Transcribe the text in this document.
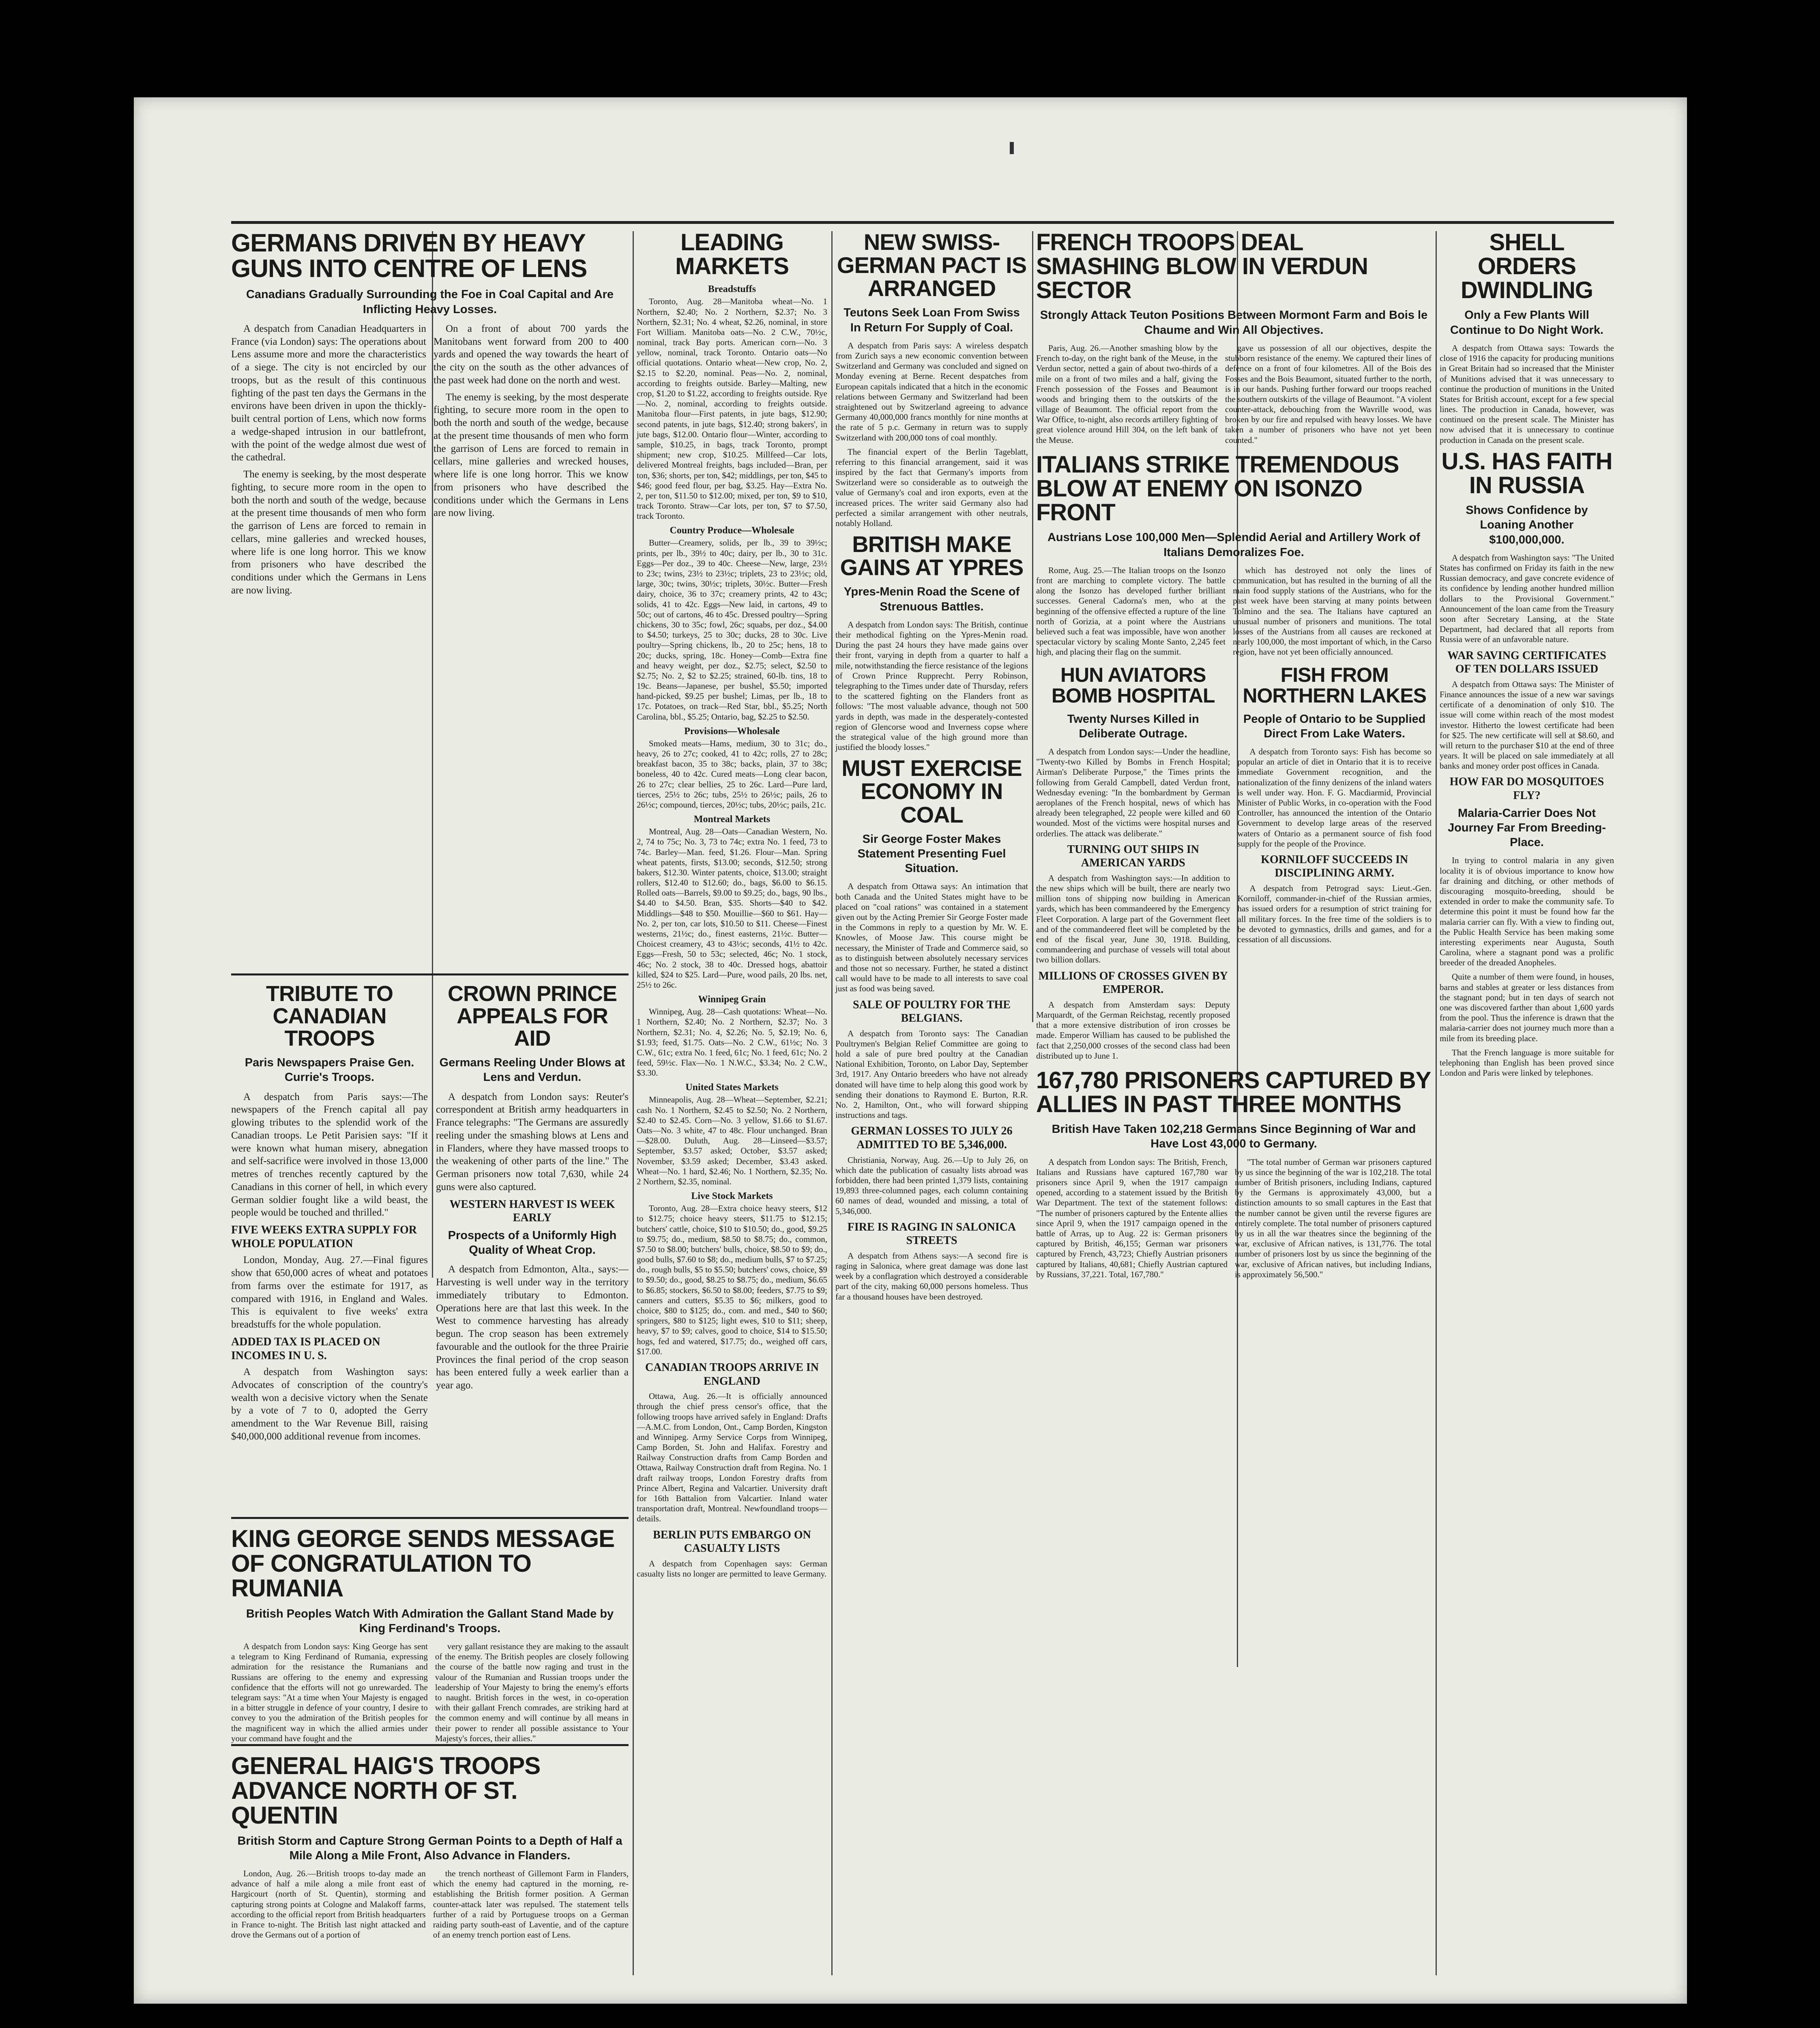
GERMANS DRIVEN BY HEAVY GUNS INTO CENTRE OF LENS
Canadians Gradually Surrounding the Foe in Coal Capital and Are Inflicting Heavy Losses.

A despatch from Canadian Headquarters in France (via London) says: The operations about Lens assume more and more the characteristics of a siege. The city is not encircled by our troops, but as the result of this continuous fighting of the past ten days the Germans in the environs have been driven in upon the thickly-built central portion of Lens, which now forms a wedge-shaped intrusion in our battlefront, with the point of the wedge almost due west of the cathedral.

The enemy is seeking, by the most desperate fighting, to secure more room in the open to both the north and south of the wedge, because at the present time thousands of men who form the garrison of Lens are forced to remain in cellars, mine galleries and wrecked houses, where life is one long horror. This we know from prisoners who have described the conditions under which the Germans in Lens are now living.

On a front of about 700 yards the Manitobans went forward from 200 to 400 yards and opened the way towards the heart of the city on the south as the other advances of the past week had done on the north and west.

The enemy is seeking, by the most desperate fighting, to secure more room in the open to both the north and south of the wedge, because at the present time thousands of men who form the garrison of Lens are forced to remain in cellars, mine galleries and wrecked houses, where life is one long horror. This we know from prisoners who have described the conditions under which the Germans in Lens are now living.

TRIBUTE TO CANADIAN TROOPS
Paris Newspapers Praise Gen. Currie's Troops.

A despatch from Paris says:—The newspapers of the French capital all pay glowing tributes to the splendid work of the Canadian troops. Le Petit Parisien says: "If it were known what human misery, abnegation and self-sacrifice were involved in those 13,000 metres of trenches recently captured by the Canadians in this corner of hell, in which every German soldier fought like a wild beast, the people would be touched and thrilled."

FIVE WEEKS EXTRA SUPPLY FOR WHOLE POPULATION

London, Monday, Aug. 27.—Final figures show that 650,000 acres of wheat and potatoes from farms over the estimate for 1917, as compared with 1916, in England and Wales. This is equivalent to five weeks' extra breadstuffs for the whole population.

ADDED TAX IS PLACED ON INCOMES IN U. S.

A despatch from Washington says: Advocates of conscription of the country's wealth won a decisive victory when the Senate by a vote of 7 to 0, adopted the Gerry amendment to the War Revenue Bill, raising $40,000,000 additional revenue from incomes.

CROWN PRINCE APPEALS FOR AID
Germans Reeling Under Blows at Lens and Verdun.

A despatch from London says: Reuter's correspondent at British army headquarters in France telegraphs: "The Germans are assuredly reeling under the smashing blows at Lens and in Flanders, where they have massed troops to the weakening of other parts of the line." The German prisoners now total 7,630, while 24 guns were also captured.

WESTERN HARVEST IS WEEK EARLY
Prospects of a Uniformly High Quality of Wheat Crop.

A despatch from Edmonton, Alta., says:—Harvesting is well under way in the territory immediately tributary to Edmonton. Operations here are that last this week. In the West to commence harvesting has already begun. The crop season has been extremely favourable and the outlook for the three Prairie Provinces the final period of the crop season has been entered fully a week earlier than a year ago.

KING GEORGE SENDS MESSAGE OF CONGRATULATION TO RUMANIA
British Peoples Watch With Admiration the Gallant Stand Made by King Ferdinand's Troops.

A despatch from London says: King George has sent a telegram to King Ferdinand of Rumania, expressing admiration for the resistance the Rumanians and Russians are offering to the enemy and expressing confidence that the efforts will not go unrewarded. The telegram says: "At a time when Your Majesty is engaged in a bitter struggle in defence of your country, I desire to convey to you the admiration of the British peoples for the magnificent way in which the allied armies under your command have fought and the

very gallant resistance they are making to the assault of the enemy. The British peoples are closely following the course of the battle now raging and trust in the valour of the Rumanian and Russian troops under the leadership of Your Majesty to bring the enemy's efforts to naught. British forces in the west, in co-operation with their gallant French comrades, are striking hard at the common enemy and will continue by all means in their power to render all possible assistance to Your Majesty's forces, their allies."

GENERAL HAIG'S TROOPS ADVANCE NORTH OF ST. QUENTIN
British Storm and Capture Strong German Points to a Depth of Half a Mile Along a Mile Front, Also Advance in Flanders.

London, Aug. 26.—British troops to-day made an advance of half a mile along a mile front east of Hargicourt (north of St. Quentin), storming and capturing strong points at Cologne and Malakoff farms, according to the official report from British headquarters in France to-night. The British last night attacked and drove the Germans out of a portion of

the trench northeast of Gillemont Farm in Flanders, which the enemy had captured in the morning, re-establishing the British former position. A German counter-attack later was repulsed. The statement tells further of a raid by Portuguese troops on a German raiding party south-east of Laventie, and of the capture of an enemy trench portion east of Lens.

LEADING MARKETS
Breadstuffs

Toronto, Aug. 28—Manitoba wheat—No. 1 Northern, $2.40; No. 2 Northern, $2.37; No. 3 Northern, $2.31; No. 4 wheat, $2.26, nominal, in store Fort William. Manitoba oats—No. 2 C.W., 70½c, nominal, track Bay ports. American corn—No. 3 yellow, nominal, track Toronto. Ontario oats—No official quotations. Ontario wheat—New crop, No. 2, $2.15 to $2.20, nominal. Peas—No. 2, nominal, according to freights outside. Barley—Malting, new crop, $1.20 to $1.22, according to freights outside. Rye—No. 2, nominal, according to freights outside. Manitoba flour—First patents, in jute bags, $12.90; second patents, in jute bags, $12.40; strong bakers', in jute bags, $12.00. Ontario flour—Winter, according to sample, $10.25, in bags, track Toronto, prompt shipment; new crop, $10.25. Millfeed—Car lots, delivered Montreal freights, bags included—Bran, per ton, $36; shorts, per ton, $42; middlings, per ton, $45 to $46; good feed flour, per bag, $3.25. Hay—Extra No. 2, per ton, $11.50 to $12.00; mixed, per ton, $9 to $10, track Toronto. Straw—Car lots, per ton, $7 to $7.50, track Toronto.

Country Produce—Wholesale

Butter—Creamery, solids, per lb., 39 to 39½c; prints, per lb., 39½ to 40c; dairy, per lb., 30 to 31c. Eggs—Per doz., 39 to 40c. Cheese—New, large, 23½ to 23c; twins, 23½ to 23½c; triplets, 23 to 23½c; old, large, 30c; twins, 30½c; triplets, 30½c. Butter—Fresh dairy, choice, 36 to 37c; creamery prints, 42 to 43c; solids, 41 to 42c. Eggs—New laid, in cartons, 49 to 50c; out of cartons, 46 to 45c. Dressed poultry—Spring chickens, 30 to 35c; fowl, 26c; squabs, per doz., $4.00 to $4.50; turkeys, 25 to 30c; ducks, 28 to 30c. Live poultry—Spring chickens, lb., 20 to 25c; hens, 18 to 20c; ducks, spring, 18c. Honey—Comb—Extra fine and heavy weight, per doz., $2.75; select, $2.50 to $2.75; No. 2, $2 to $2.25; strained, 60-lb. tins, 18 to 19c. Beans—Japanese, per bushel, $5.50; imported hand-picked, $9.25 per bushel; Limas, per lb., 18 to 17c. Potatoes, on track—Red Star, bbl., $5.25; North Carolina, bbl., $5.25; Ontario, bag, $2.25 to $2.50.

Provisions—Wholesale

Smoked meats—Hams, medium, 30 to 31c; do., heavy, 26 to 27c; cooked, 41 to 42c; rolls, 27 to 28c; breakfast bacon, 35 to 38c; backs, plain, 37 to 38c; boneless, 40 to 42c. Cured meats—Long clear bacon, 26 to 27c; clear bellies, 25 to 26c. Lard—Pure lard, tierces, 25½ to 26c; tubs, 25½ to 26½c; pails, 26 to 26½c; compound, tierces, 20½c; tubs, 20½c; pails, 21c.

Montreal Markets

Montreal, Aug. 28—Oats—Canadian Western, No. 2, 74 to 75c; No. 3, 73 to 74c; extra No. 1 feed, 73 to 74c. Barley—Man. feed, $1.26. Flour—Man. Spring wheat patents, firsts, $13.00; seconds, $12.50; strong bakers, $12.30. Winter patents, choice, $13.00; straight rollers, $12.40 to $12.60; do., bags, $6.00 to $6.15. Rolled oats—Barrels, $9.00 to $9.25; do., bags, 90 lbs., $4.40 to $4.50. Bran, $35. Shorts—$40 to $42. Middlings—$48 to $50. Mouillie—$60 to $61. Hay—No. 2, per ton, car lots, $10.50 to $11. Cheese—Finest westerns, 21½c; do., finest easterns, 21½c. Butter—Choicest creamery, 43 to 43½c; seconds, 41½ to 42c. Eggs—Fresh, 50 to 53c; selected, 46c; No. 1 stock, 46c; No. 2 stock, 38 to 40c. Dressed hogs, abattoir killed, $24 to $25. Lard—Pure, wood pails, 20 lbs. net, 25½ to 26c.

Winnipeg Grain

Winnipeg, Aug. 28—Cash quotations: Wheat—No. 1 Northern, $2.40; No. 2 Northern, $2.37; No. 3 Northern, $2.31; No. 4, $2.26; No. 5, $2.19; No. 6, $1.93; feed, $1.75. Oats—No. 2 C.W., 61½c; No. 3 C.W., 61c; extra No. 1 feed, 61c; No. 1 feed, 61c; No. 2 feed, 59½c. Flax—No. 1 N.W.C., $3.34; No. 2 C.W., $3.30.

United States Markets

Minneapolis, Aug. 28—Wheat—September, $2.21; cash No. 1 Northern, $2.45 to $2.50; No. 2 Northern, $2.40 to $2.45. Corn—No. 3 yellow, $1.66 to $1.67. Oats—No. 3 white, 47 to 48c. Flour unchanged. Bran—$28.00. Duluth, Aug. 28—Linseed—$3.57; September, $3.57 asked; October, $3.57 asked; November, $3.59 asked; December, $3.43 asked. Wheat—No. 1 hard, $2.46; No. 1 Northern, $2.35; No. 2 Northern, $2.35, nominal.

Live Stock Markets

Toronto, Aug. 28—Extra choice heavy steers, $12 to $12.75; choice heavy steers, $11.75 to $12.15; butchers' cattle, choice, $10 to $10.50; do., good, $9.25 to $9.75; do., medium, $8.50 to $8.75; do., common, $7.50 to $8.00; butchers' bulls, choice, $8.50 to $9; do., good bulls, $7.60 to $8; do., medium bulls, $7 to $7.25; do., rough bulls, $5 to $5.50; butchers' cows, choice, $9 to $9.50; do., good, $8.25 to $8.75; do., medium, $6.65 to $6.85; stockers, $6.50 to $8.00; feeders, $7.75 to $9; canners and cutters, $5.35 to $6; milkers, good to choice, $80 to $125; do., com. and med., $40 to $60; springers, $80 to $125; light ewes, $10 to $11; sheep, heavy, $7 to $9; calves, good to choice, $14 to $15.50; hogs, fed and watered, $17.75; do., weighed off cars, $17.00.

CANADIAN TROOPS ARRIVE IN ENGLAND

Ottawa, Aug. 26.—It is officially announced through the chief press censor's office, that the following troops have arrived safely in England: Drafts—A.M.C. from London, Ont., Camp Borden, Kingston and Winnipeg. Army Service Corps from Winnipeg, Camp Borden, St. John and Halifax. Forestry and Railway Construction drafts from Camp Borden and Ottawa, Railway Construction draft from Regina. No. 1 draft railway troops, London Forestry drafts from Prince Albert, Regina and Valcartier. University draft for 16th Battalion from Valcartier. Inland water transportation draft, Montreal. Newfoundland troops—details.

BERLIN PUTS EMBARGO ON CASUALTY LISTS

A despatch from Copenhagen says: German casualty lists no longer are permitted to leave Germany.

NEW SWISS-GERMAN PACT IS ARRANGED
Teutons Seek Loan From Swiss In Return For Supply of Coal.

A despatch from Paris says: A wireless despatch from Zurich says a new economic convention between Switzerland and Germany was concluded and signed on Monday evening at Berne. Recent despatches from European capitals indicated that a hitch in the economic relations between Germany and Switzerland had been straightened out by Switzerland agreeing to advance Germany 40,000,000 francs monthly for nine months at the rate of 5 p.c. Germany in return was to supply Switzerland with 200,000 tons of coal monthly.

The financial expert of the Berlin Tageblatt, referring to this financial arrangement, said it was inspired by the fact that Germany's imports from Switzerland were so considerable as to outweigh the value of Germany's coal and iron exports, even at the increased prices. The writer said Germany also had perfected a similar arrangement with other neutrals, notably Holland.

BRITISH MAKE GAINS AT YPRES
Ypres-Menin Road the Scene of Strenuous Battles.

A despatch from London says: The British, continue their methodical fighting on the Ypres-Menin road. During the past 24 hours they have made gains over their front, varying in depth from a quarter to half a mile, notwithstanding the fierce resistance of the legions of Crown Prince Rupprecht. Perry Robinson, telegraphing to the Times under date of Thursday, refers to the scattered fighting on the Flanders front as follows: "The most valuable advance, though not 500 yards in depth, was made in the desperately-contested region of Glencorse wood and Inverness copse where the strategical value of the high ground more than justified the bloody losses."

MUST EXERCISE ECONOMY IN COAL
Sir George Foster Makes Statement Presenting Fuel Situation.

A despatch from Ottawa says: An intimation that both Canada and the United States might have to be placed on "coal rations" was contained in a statement given out by the Acting Premier Sir George Foster made in the Commons in reply to a question by Mr. W. E. Knowles, of Moose Jaw. This course might be necessary, the Minister of Trade and Commerce said, so as to distinguish between absolutely necessary services and those not so necessary. Further, he stated a distinct call would have to be made to all interests to save coal just as food was being saved.

SALE OF POULTRY FOR THE BELGIANS.

A despatch from Toronto says: The Canadian Poultrymen's Belgian Relief Committee are going to hold a sale of pure bred poultry at the Canadian National Exhibition, Toronto, on Labor Day, September 3rd, 1917. Any Ontario breeders who have not already donated will have time to help along this good work by sending their donations to Raymond E. Burton, R.R. No. 2, Hamilton, Ont., who will forward shipping instructions and tags.

GERMAN LOSSES TO JULY 26 ADMITTED TO BE 5,346,000.

Christiania, Norway, Aug. 26.—Up to July 26, on which date the publication of casualty lists abroad was forbidden, there had been printed 1,379 lists, containing 19,893 three-columned pages, each column containing 60 names of dead, wounded and missing, a total of 5,346,000.

FIRE IS RAGING IN SALONICA STREETS

A despatch from Athens says:—A second fire is raging in Salonica, where great damage was done last week by a conflagration which destroyed a considerable part of the city, making 60,000 persons homeless. Thus far a thousand houses have been destroyed.

FRENCH TROOPS DEAL SMASHING BLOW IN VERDUN SECTOR
Strongly Attack Teuton Positions Between Mormont Farm and Bois le Chaume and Win All Objectives.

Paris, Aug. 26.—Another smashing blow by the French to-day, on the right bank of the Meuse, in the Verdun sector, netted a gain of about two-thirds of a mile on a front of two miles and a half, giving the French possession of the Fosses and Beaumont woods and bringing them to the outskirts of the village of Beaumont. The official report from the War Office, to-night, also records artillery fighting of great violence around Hill 304, on the left bank of the Meuse.

gave us possession of all our objectives, despite the stubborn resistance of the enemy. We captured their lines of defence on a front of four kilometres. All of the Bois des Fosses and the Bois Beaumont, situated further to the north, is in our hands. Pushing further forward our troops reached the southern outskirts of the village of Beaumont. "A violent counter-attack, debouching from the Wavrille wood, was broken by our fire and repulsed with heavy losses. We have taken a number of prisoners who have not yet been counted."

ITALIANS STRIKE TREMENDOUS BLOW AT ENEMY ON ISONZO FRONT
Austrians Lose 100,000 Men—Splendid Aerial and Artillery Work of Italians Demoralizes Foe.

Rome, Aug. 25.—The Italian troops on the Isonzo front are marching to complete victory. The battle along the Isonzo has developed further brilliant successes. General Cadorna's men, who at the beginning of the offensive effected a rupture of the line north of Gorizia, at a point where the Austrians believed such a feat was impossible, have won another spectacular victory by scaling Monte Santo, 2,245 feet high, and placing their flag on the summit.

which has destroyed not only the lines of communication, but has resulted in the burning of all the main food supply stations of the Austrians, who for the past week have been starving at many points between Tolmino and the sea. The Italians have captured an unusual number of prisoners and munitions. The total losses of the Austrians from all causes are reckoned at nearly 100,000, the most important of which, in the Carso region, have not yet been officially announced.

HUN AVIATORS BOMB HOSPITAL
Twenty Nurses Killed in Deliberate Outrage.

A despatch from London says:—Under the headline, "Twenty-two Killed by Bombs in French Hospital; Airman's Deliberate Purpose," the Times prints the following from Gerald Campbell, dated Verdun front, Wednesday evening: "In the bombardment by German aeroplanes of the French hospital, news of which has already been telegraphed, 22 people were killed and 60 wounded. Most of the victims were hospital nurses and orderlies. The attack was deliberate."

TURNING OUT SHIPS IN AMERICAN YARDS

A despatch from Washington says:—In addition to the new ships which will be built, there are nearly two million tons of shipping now building in American yards, which has been commandeered by the Emergency Fleet Corporation. A large part of the Government fleet and of the commandeered fleet will be completed by the end of the fiscal year, June 30, 1918. Building, commandeering and purchase of vessels will total about two billion dollars.

MILLIONS OF CROSSES GIVEN BY EMPEROR.

A despatch from Amsterdam says: Deputy Marquardt, of the German Reichstag, recently proposed that a more extensive distribution of iron crosses be made. Emperor William has caused to be published the fact that 2,250,000 crosses of the second class had been distributed up to June 1.

FISH FROM NORTHERN LAKES
People of Ontario to be Supplied Direct From Lake Waters.

A despatch from Toronto says: Fish has become so popular an article of diet in Ontario that it is to receive immediate Government recognition, and the nationalization of the finny denizens of the inland waters is well under way. Hon. F. G. Macdiarmid, Provincial Minister of Public Works, in co-operation with the Food Controller, has announced the intention of the Ontario Government to develop large areas of the reserved waters of Ontario as a permanent source of fish food supply for the people of the Province.

KORNILOFF SUCCEEDS IN DISCIPLINING ARMY.

A despatch from Petrograd says: Lieut.-Gen. Korniloff, commander-in-chief of the Russian armies, has issued orders for a resumption of strict training for all military forces. In the free time of the soldiers is to be devoted to gymnastics, drills and games, and for a cessation of all discussions.

167,780 PRISONERS CAPTURED BY ALLIES IN PAST THREE MONTHS
British Have Taken 102,218 Germans Since Beginning of War and Have Lost 43,000 to Germany.

A despatch from London says: The British, French, Italians and Russians have captured 167,780 war prisoners since April 9, when the 1917 campaign opened, according to a statement issued by the British War Department. The text of the statement follows: "The number of prisoners captured by the Entente allies since April 9, when the 1917 campaign opened in the battle of Arras, up to Aug. 22 is: German prisoners captured by British, 46,155; German war prisoners captured by French, 43,723; Chiefly Austrian prisoners captured by Italians, 40,681; Chiefly Austrian captured by Russians, 37,221. Total, 167,780."

"The total number of German war prisoners captured by us since the beginning of the war is 102,218. The total number of British prisoners, including Indians, captured by the Germans is approximately 43,000, but a distinction amounts to so small captures in the East that the number cannot be given until the reverse figures are entirely complete. The total number of prisoners captured by us in all the war theatres since the beginning of the war, exclusive of African natives, is 131,776. The total number of prisoners lost by us since the beginning of the war, exclusive of African natives, but including Indians, is approximately 56,500."

SHELL ORDERS DWINDLING
Only a Few Plants Will Continue to Do Night Work.

A despatch from Ottawa says: Towards the close of 1916 the capacity for producing munitions in Great Britain had so increased that the Minister of Munitions advised that it was unnecessary to continue the production of munitions in the United States for British account, except for a few special lines. The production in Canada, however, was continued on the present scale. The Minister has now advised that it is unnecessary to continue production in Canada on the present scale.

U.S. HAS FAITH IN RUSSIA
Shows Confidence by Loaning Another $100,000,000.

A despatch from Washington says: "The United States has confirmed on Friday its faith in the new Russian democracy, and gave concrete evidence of its confidence by lending another hundred million dollars to the Provisional Government." Announcement of the loan came from the Treasury soon after Secretary Lansing, at the State Department, had declared that all reports from Russia were of an unfavorable nature.

WAR SAVING CERTIFICATES OF TEN DOLLARS ISSUED

A despatch from Ottawa says: The Minister of Finance announces the issue of a new war savings certificate of a denomination of only $10. The issue will come within reach of the most modest investor. Hitherto the lowest certificate had been for $25. The new certificate will sell at $8.60, and will return to the purchaser $10 at the end of three years. It will be placed on sale immediately at all banks and money order post offices in Canada.

HOW FAR DO MOSQUITOES FLY?
Malaria-Carrier Does Not Journey Far From Breeding-Place.

In trying to control malaria in any given locality it is of obvious importance to know how far draining and ditching, or other methods of discouraging mosquito-breeding, should be extended in order to make the community safe. To determine this point it must be found how far the malaria carrier can fly. With a view to finding out, the Public Health Service has been making some interesting experiments near Augusta, South Carolina, where a stagnant pond was a prolific breeder of the dreaded Anopheles.

Quite a number of them were found, in houses, barns and stables at greater or less distances from the stagnant pond; but in ten days of search not one was discovered farther than about 1,600 yards from the pool. Thus the inference is drawn that the malaria-carrier does not journey much more than a mile from its breeding place.

That the French language is more suitable for telephoning than English has been proved since London and Paris were linked by telephones.
